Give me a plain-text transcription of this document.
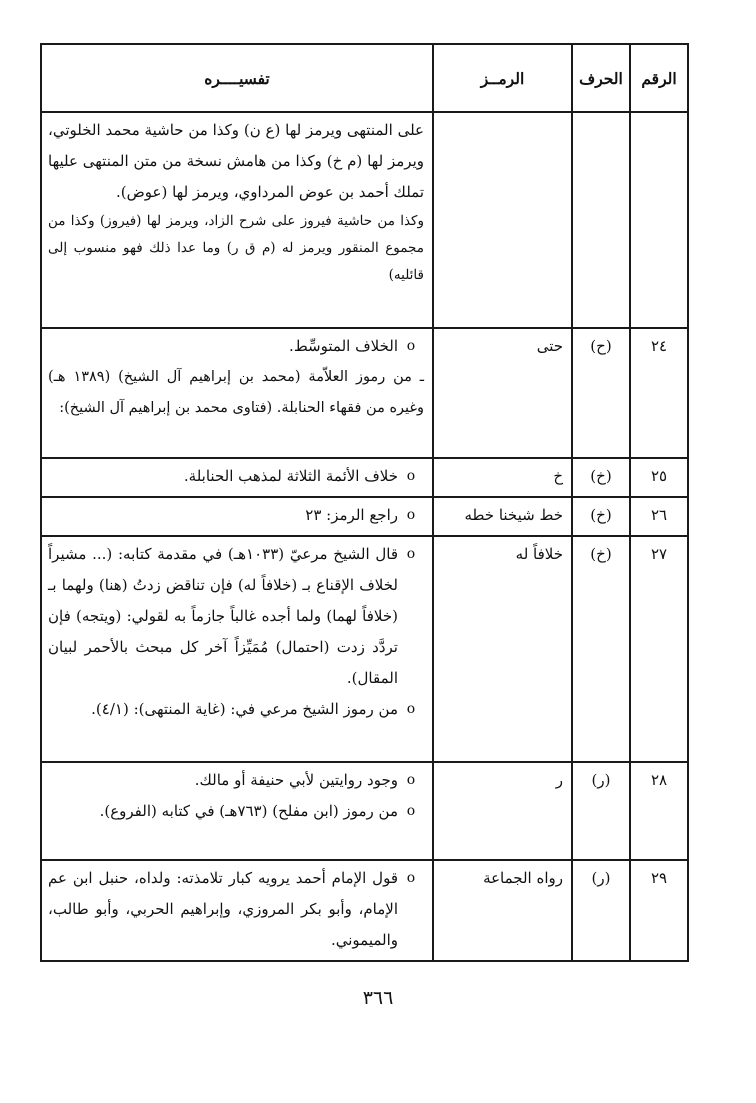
الرقم	الحرف	الرمــز	تفسيــــره

			على المنتهى ويرمز لها (ع ن) وكذا من حاشية محمد الخلوتي، ويرمز لها (م خ) وكذا من هامش نسخة من متن المنتهى عليها تملك أحمد بن عوض المرداوي، ويرمز لها (عوض).
وكذا من حاشية فيروز على شرح الزاد، ويرمز لها (فيروز) وكذا من مجموع المنقور ويرمز له (م ق ر) وما عدا ذلك فهو منسوب إلى قائليه)

٢٤	(ح)	حتى	o
الخلاف المتوسِّط.
ـ من رموز العلاّمة (محمد بن إبراهيم آل الشيخ) (١٣٨٩ هـ) وغيره من فقهاء الحنابلة. (فتاوى محمد بن إبراهيم آل الشيخ):

٢٥	(خ)	خ	o
خلاف الأئمة الثلاثة لمذهب الحنابلة.

٢٦	(خ)	خط شيخنا خطه	o
راجع الرمز: ٢٣

٢٧	(خ)	خلافاً له	o
قال الشيخ مرعيّ (١٠٣٣هـ) في مقدمة كتابه: (... مشيراً لخلاف الإقناع بـ (خلافاً له) فإن تناقض زدتُ (هنا) ولهما بـ (خلافاً لهما) ولما أجده غالباً جازماً به لقولي: (ويتجه) فإن تردَّد زدت (احتمال) مُمَيِّزاً آخر كل مبحث بالأحمر لبيان المقال).
o
من رموز الشيخ مرعي في: (غاية المنتهى): (٤/١).

٢٨	(ر)	ر	o
وجود روايتين لأبي حنيفة أو مالك.
o
من رموز (ابن مفلح) (٧٦٣هـ) في كتابه (الفروع).

٢٩	(ر)	رواه الجماعة	o
قول الإمام أحمد يرويه كبار تلامذته: ولداه، حنبل ابن عم الإمام، وأبو بكر المروزي، وإبراهيم الحربي، وأبو طالب، والميموني.
٣٦٦
